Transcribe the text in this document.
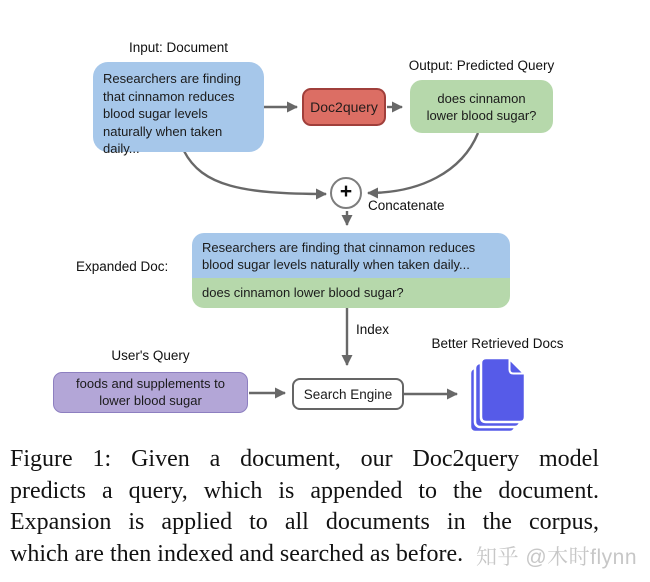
Input: Document
Output: Predicted Query
Concatenate
Expanded Doc:
Index
User's Query
Better Retrieved Docs
Researchers are finding that cinnamon reduces blood sugar levels naturally when taken daily...
Doc2query
does cinnamon lower blood sugar?
+
Researchers are finding that cinnamon reduces blood sugar levels naturally when taken daily...
does cinnamon lower blood sugar?
foods and supplements to lower blood sugar	Search Engine
Figure 1: Given a document, our Doc2query model
predicts a query, which is appended to the document.
Expansion is applied to all documents in the corpus,
which are then indexed and searched as before. 知乎 @木时flynn
